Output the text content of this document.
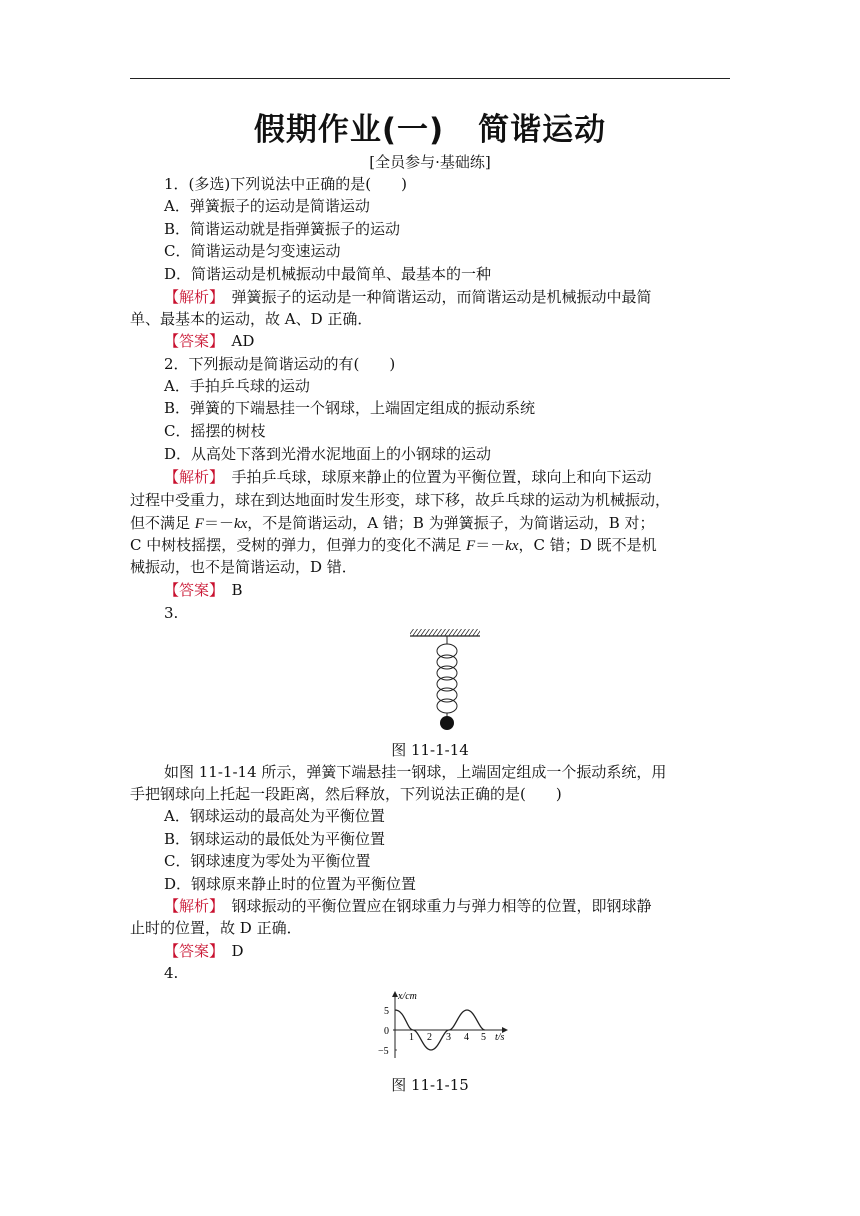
假期作业(一) 简谐运动
[全员参与·基础练]
1．(多选)下列说法中正确的是(　　)
A．弹簧振子的运动是简谐运动
B．简谐运动就是指弹簧振子的运动
C．简谐运动是匀变速运动
D．简谐运动是机械振动中最简单、最基本的一种
【解析】　弹簧振子的运动是一种简谐运动，而简谐运动是机械振动中最简
单、最基本的运动，故 A、D 正确．
【答案】　AD
2．下列振动是简谐运动的有(　　)
A．手拍乒乓球的运动
B．弹簧的下端悬挂一个钢球，上端固定组成的振动系统
C．摇摆的树枝
D．从高处下落到光滑水泥地面上的小钢球的运动
【解析】　手拍乒乓球，球原来静止的位置为平衡位置，球向上和向下运动
过程中受重力，球在到达地面时发生形变，球下移，故乒乓球的运动为机械振动，
但不满足 F＝－kx，不是简谐运动，A 错；B 为弹簧振子，为简谐运动，B 对；
C 中树枝摇摆，受树的弹力，但弹力的变化不满足 F＝－kx，C 错；D 既不是机
械振动，也不是简谐运动，D 错．
【答案】　B
3.
图 11-1-14
如图 11-1-14 所示，弹簧下端悬挂一钢球，上端固定组成一个振动系统，用
手把钢球向上托起一段距离，然后释放，下列说法正确的是(　　)
A．钢球运动的最高处为平衡位置
B．钢球运动的最低处为平衡位置
C．钢球速度为零处为平衡位置
D．钢球原来静止时的位置为平衡位置
【解析】　钢球振动的平衡位置应在钢球重力与弹力相等的位置，即钢球静
止时的位置，故 D 正确．
【答案】　D
4.
x/cm
t/s
5
0
−5
1 2 3 4 5
图 11-1-15
